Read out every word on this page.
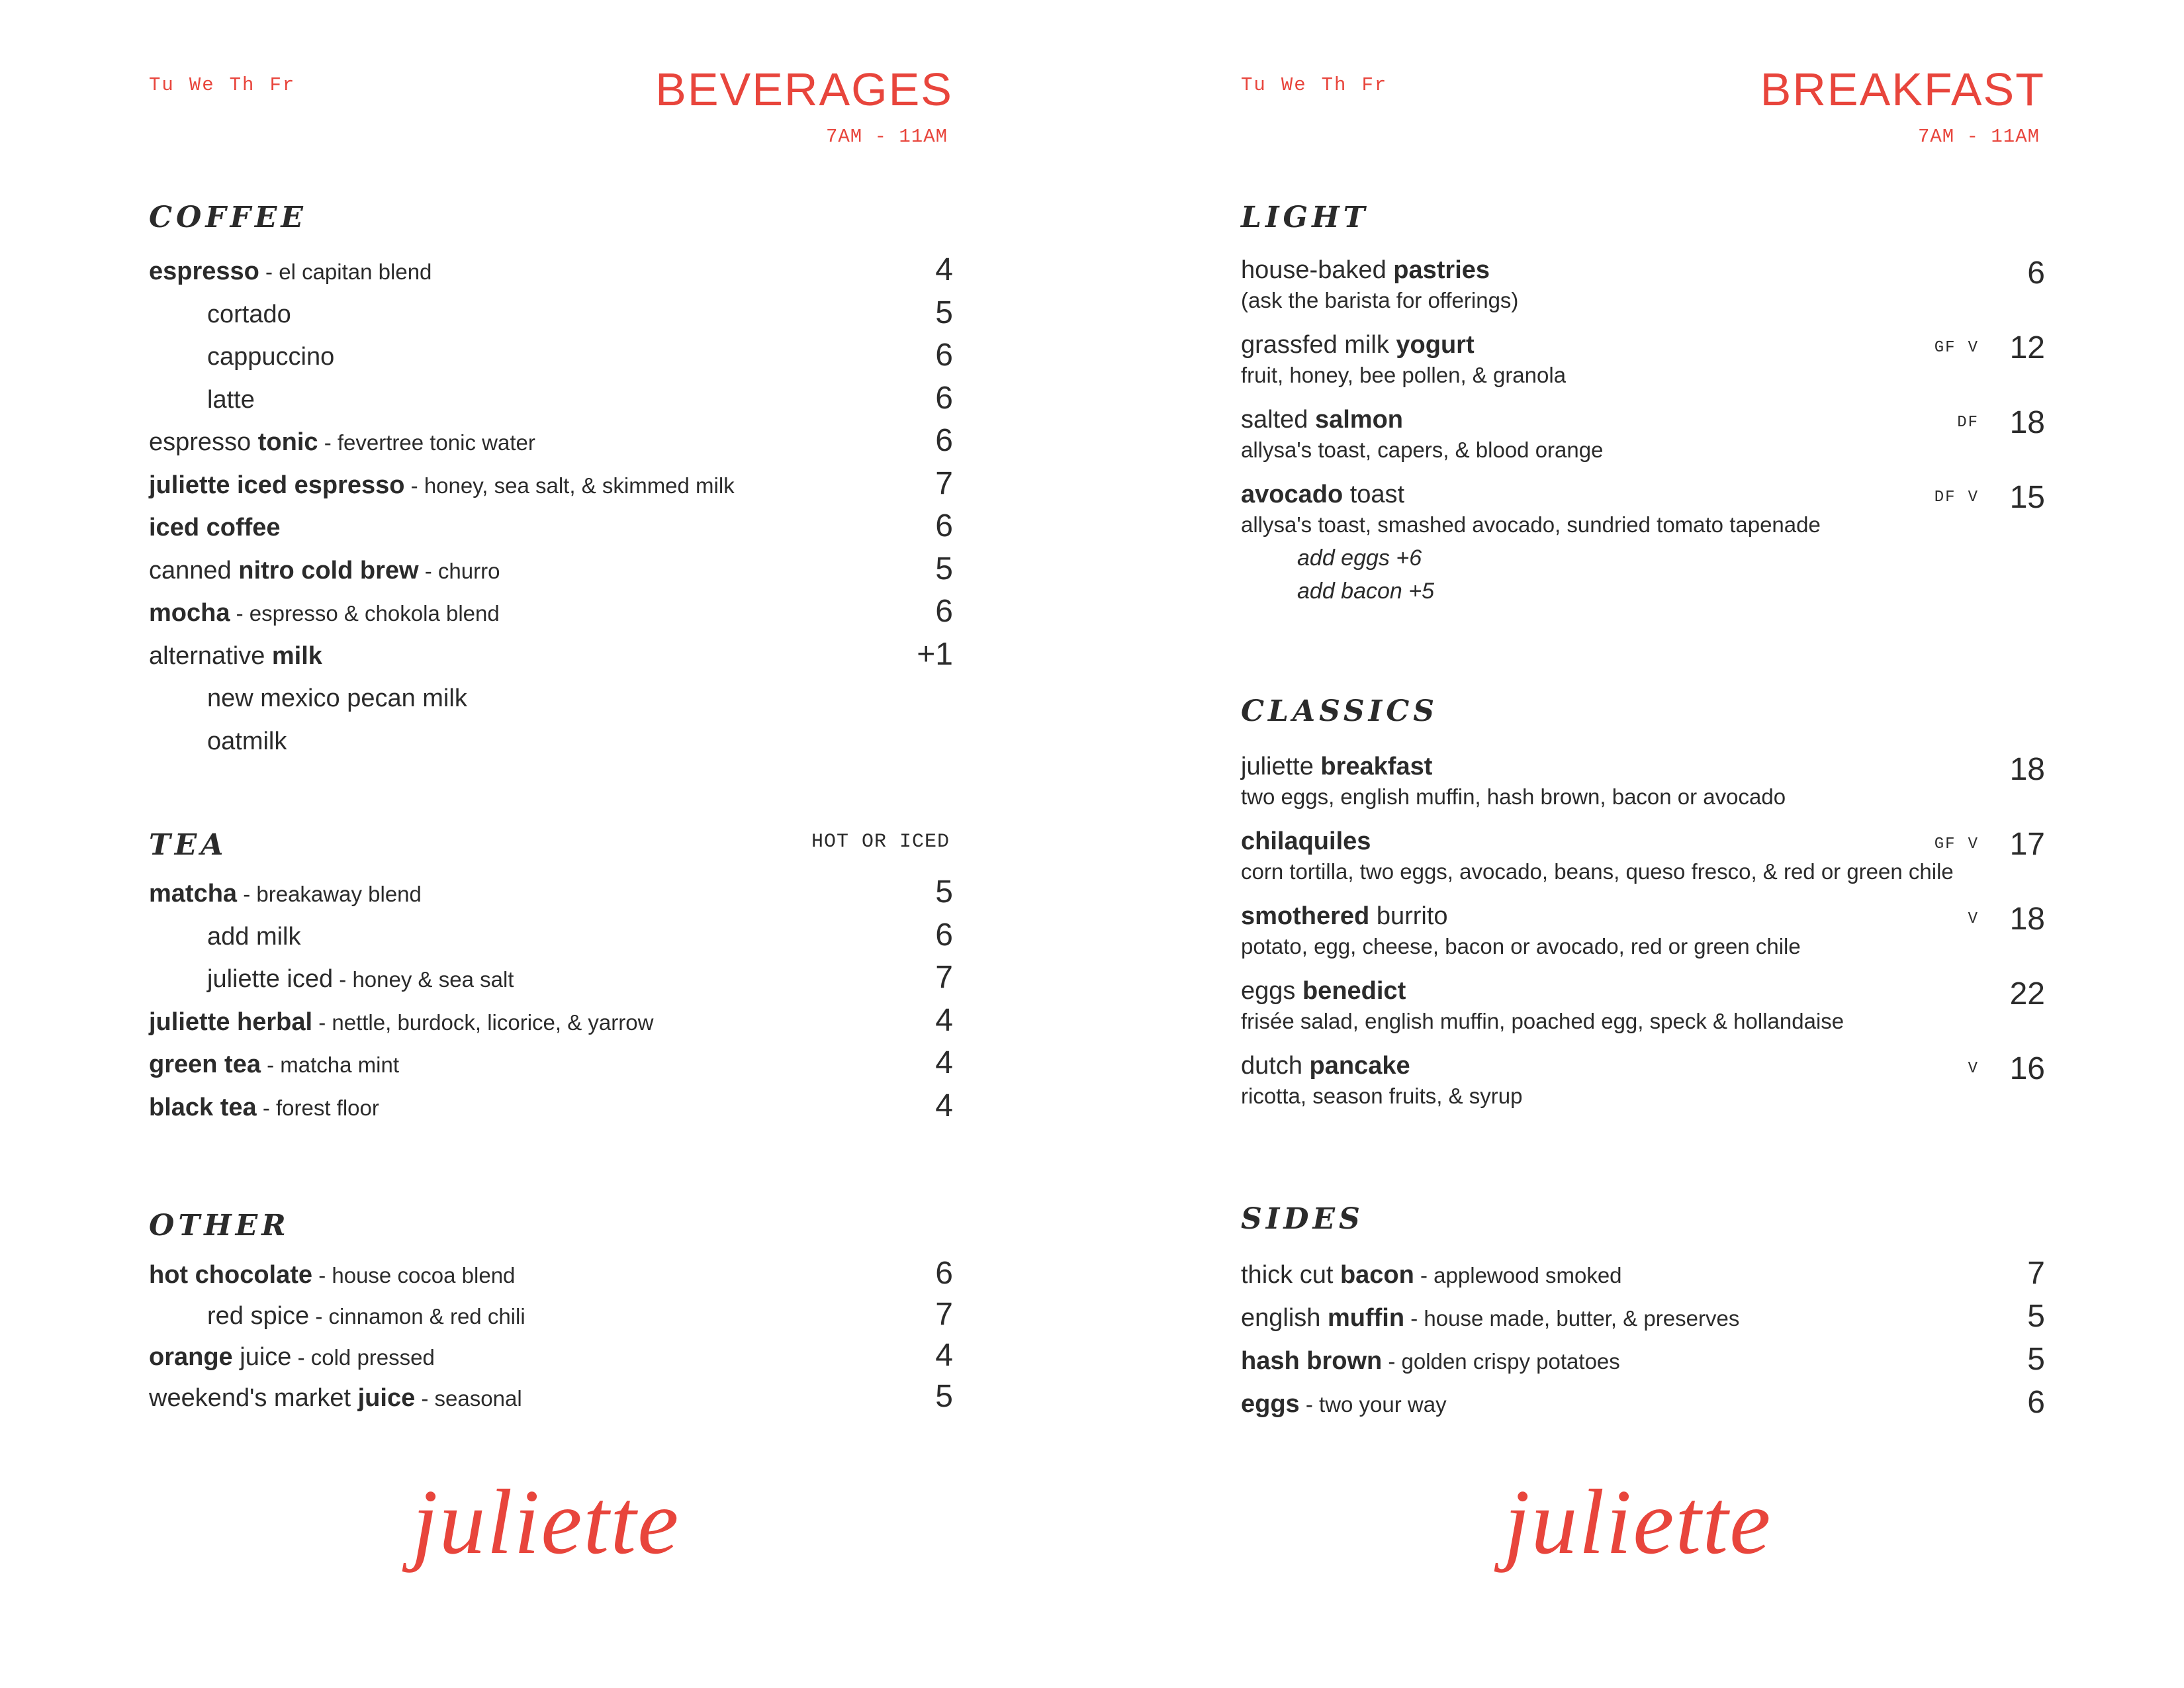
Tu We Th Fr	BEVERAGES
7AM - 11AM
COFFEE
espresso - el capitan blend	4
cortado	5
cappuccino	6
latte	6
espresso tonic - fevertree tonic water	6
juliette iced espresso - honey, sea salt, & skimmed milk	7
iced coffee	6
canned nitro cold brew - churro	5
mocha - espresso & chokola blend	6
alternative milk	+1
new mexico pecan milk
oatmilk
TEA	HOT OR ICED
matcha - breakaway blend	5
add milk	6
juliette iced - honey & sea salt	7
juliette herbal - nettle, burdock, licorice, & yarrow	4
green tea - matcha mint	4
black tea - forest floor	4
OTHER
hot chocolate - house cocoa blend	6
red spice - cinnamon & red chili	7
orange juice - cold pressed	4
weekend's market juice - seasonal	5
juliette
Tu We Th Fr	BREAKFAST
7AM - 11AM
LIGHT
house-baked pastries
(ask the barista for offerings)
6
grassfed milk yogurt
fruit, honey, bee pollen, & granola
GF V 12
salted salmon
allysa's toast, capers, & blood orange
DF 18
avocado toast
allysa's toast, smashed avocado, sundried tomato tapenade
DF V 15
add eggs +6
add bacon +5
CLASSICS
juliette breakfast
two eggs, english muffin, hash brown, bacon or avocado
18
chilaquiles
corn tortilla, two eggs, avocado, beans, queso fresco, & red or green chile
GF V 17
smothered burrito
potato, egg, cheese, bacon or avocado, red or green chile
V 18
eggs benedict
frisée salad, english muffin, poached egg, speck & hollandaise
22
dutch pancake
ricotta, season fruits, & syrup
V 16
SIDES
thick cut bacon - applewood smoked	7
english muffin - house made, butter, & preserves	5
hash brown - golden crispy potatoes	5
eggs - two your way	6
juliette
